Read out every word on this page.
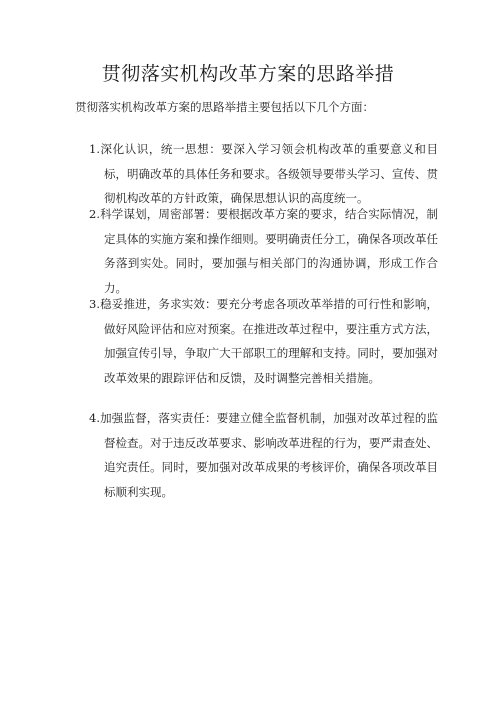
贯彻落实机构改革方案的思路举措
贯彻落实机构改革方案的思路举措主要包括以下几个方面：
1.深化认识，统一思想：要深入学习领会机构改革的重要意义和目标，明确改革的具体任务和要求。各级领导要带头学习、宣传、贯彻机构改革的方针政策，确保思想认识的高度统一。
2.科学谋划，周密部署：要根据改革方案的要求，结合实际情况，制定具体的实施方案和操作细则。要明确责任分工，确保各项改革任务落到实处。同时，要加强与相关部门的沟通协调，形成工作合力。
3.稳妥推进，务求实效：要充分考虑各项改革举措的可行性和影响，做好风险评估和应对预案。在推进改革过程中，要注重方式方法，加强宣传引导，争取广大干部职工的理解和支持。同时，要加强对改革效果的跟踪评估和反馈，及时调整完善相关措施。
4.加强监督，落实责任：要建立健全监督机制，加强对改革过程的监督检查。对于违反改革要求、影响改革进程的行为，要严肃查处、追究责任。同时，要加强对改革成果的考核评价，确保各项改革目标顺利实现。
